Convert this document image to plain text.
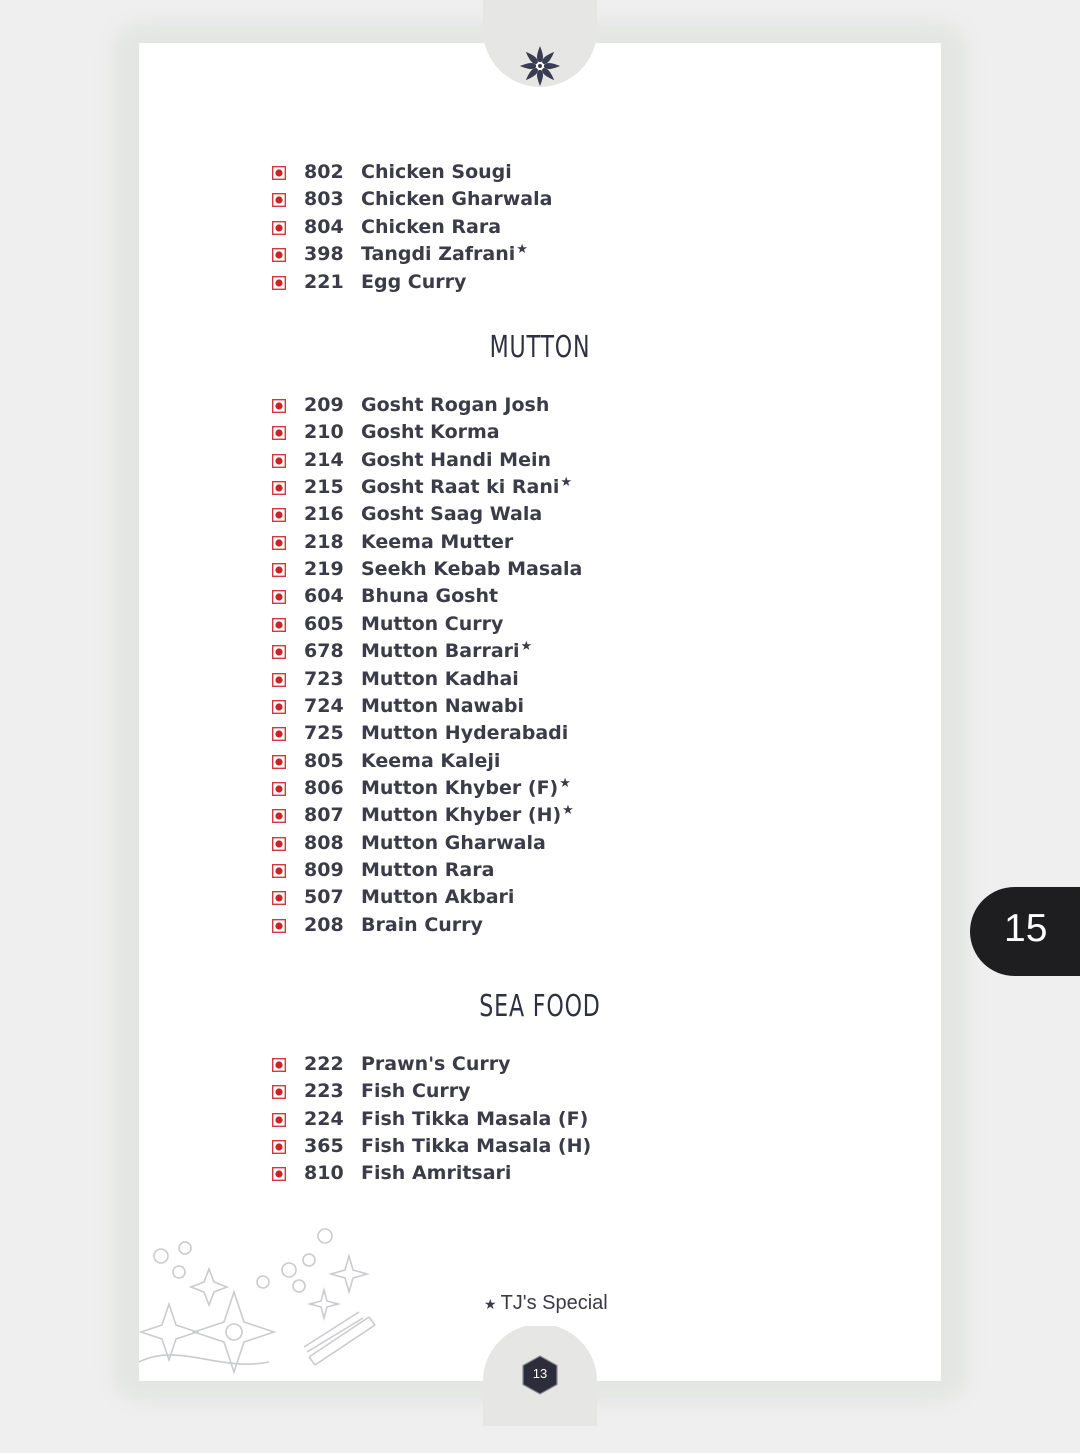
802 Chicken Sougi
803 Chicken Gharwala
804 Chicken Rara
398 Tangdi Zafrani★
221 Egg Curry
MUTTON
209 Gosht Rogan Josh
210 Gosht Korma
214 Gosht Handi Mein
215 Gosht Raat ki Rani★
216 Gosht Saag Wala
218 Keema Mutter
219 Seekh Kebab Masala
604 Bhuna Gosht
605 Mutton Curry
678 Mutton Barrari★
723 Mutton Kadhai
724 Mutton Nawabi
725 Mutton Hyderabadi
805 Keema Kaleji
806 Mutton Khyber (F)★
807 Mutton Khyber (H)★
808 Mutton Gharwala
809 Mutton Rara
507 Mutton Akbari
208 Brain Curry
SEA FOOD
222 Prawn's Curry
223 Fish Curry
224 Fish Tikka Masala (F)
365 Fish Tikka Masala (H)
810 Fish Amritsari
★ TJ's Special
13
15
